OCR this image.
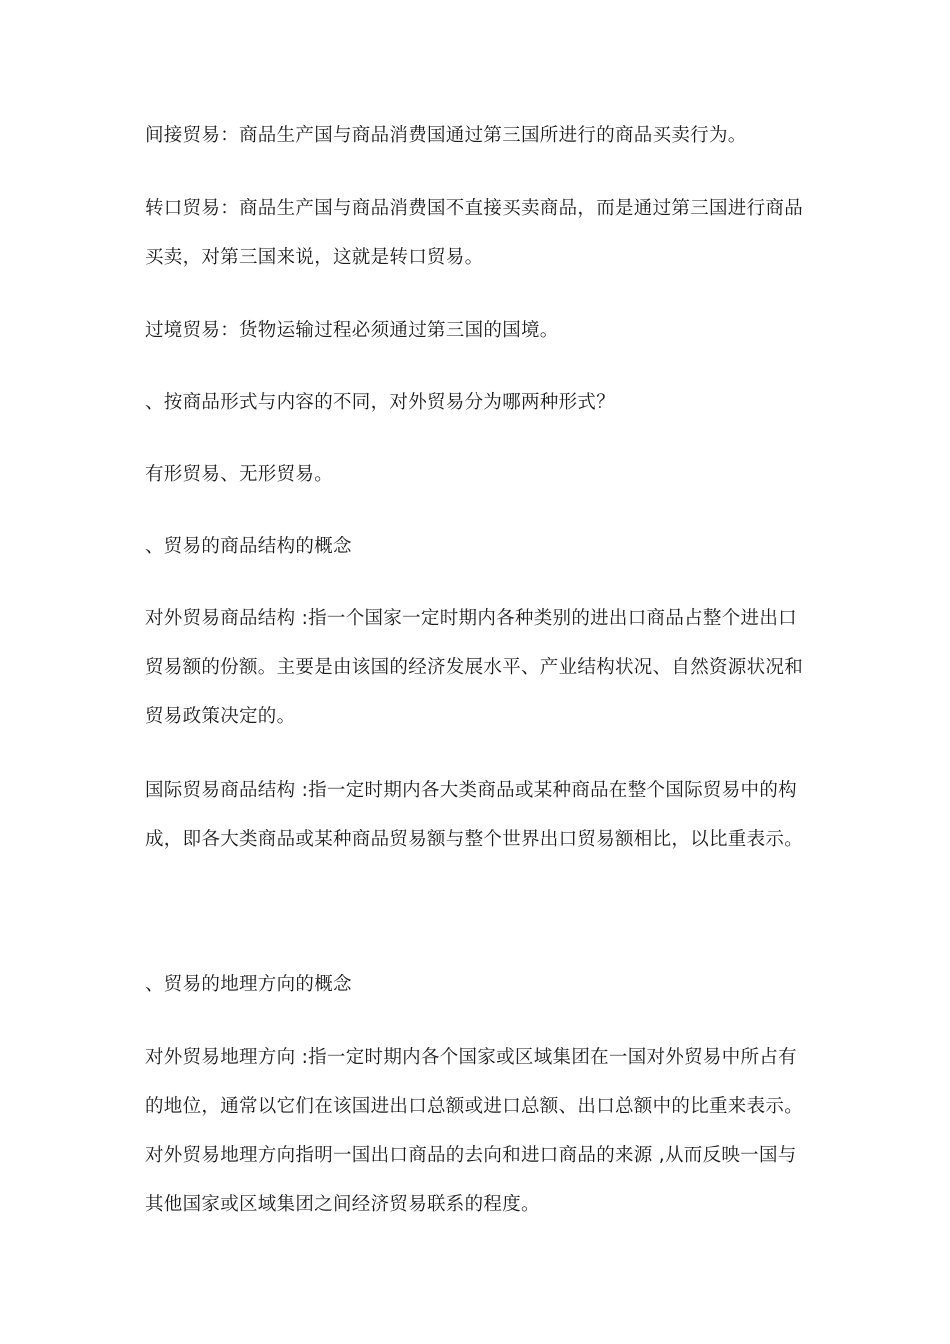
间接贸易：商品生产国与商品消费国通过第三国所进行的商品买卖行为。
转口贸易：商品生产国与商品消费国不直接买卖商品，而是通过第三国进行商品
买卖，对第三国来说，这就是转口贸易。
过境贸易：货物运输过程必须通过第三国的国境。
、按商品形式与内容的不同，对外贸易分为哪两种形式？
有形贸易、无形贸易。
、贸易的商品结构的概念
对外贸易商品结构 :指一个国家一定时期内各种类别的进出口商品占整个进出口
贸易额的份额。主要是由该国的经济发展水平、产业结构状况、自然资源状况和
贸易政策决定的。
国际贸易商品结构 :指一定时期内各大类商品或某种商品在整个国际贸易中的构
成，即各大类商品或某种商品贸易额与整个世界出口贸易额相比，以比重表示。
、贸易的地理方向的概念
对外贸易地理方向 :指一定时期内各个国家或区域集团在一国对外贸易中所占有
的地位，通常以它们在该国进出口总额或进口总额、出口总额中的比重来表示。
对外贸易地理方向指明一国出口商品的去向和进口商品的来源 ,从而反映一国与
其他国家或区域集团之间经济贸易联系的程度。
